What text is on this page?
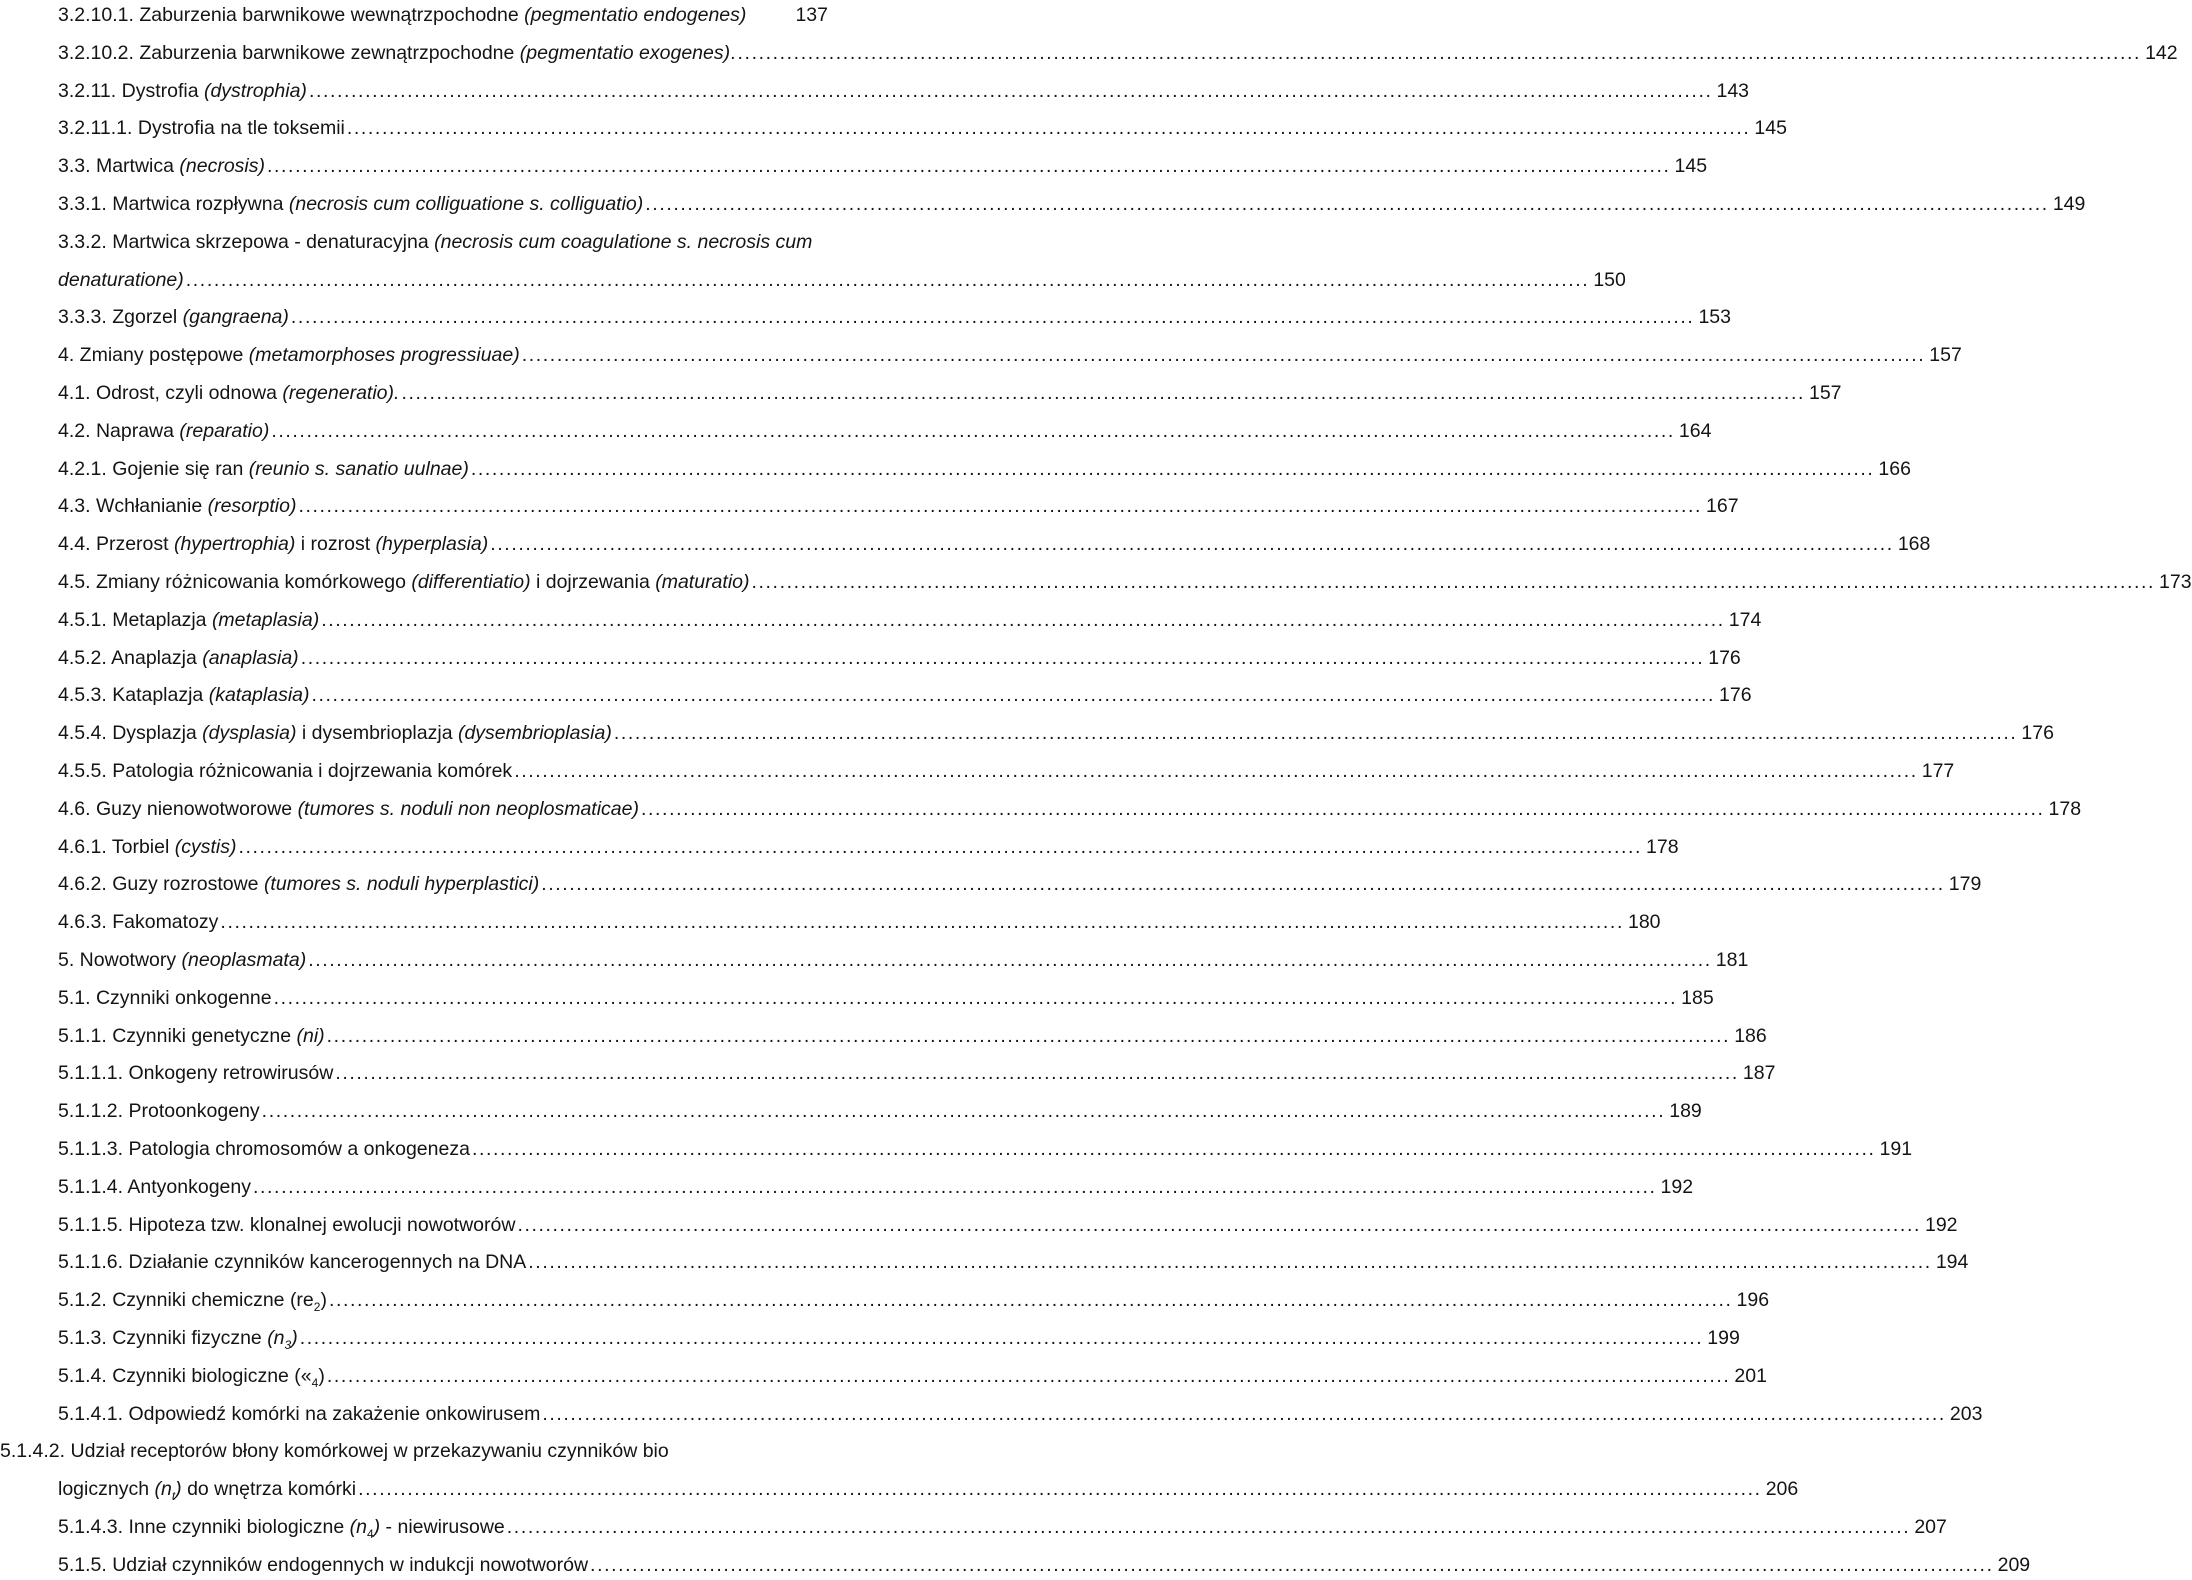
3.2.10.1. Zaburzenia barwnikowe wewnątrzpochodne (pegmentatio endogenes)	137
3.2.10.2. Zaburzenia barwnikowe zewnątrzpochodne (pegmentatio exogenes). ........................................................................................................................................................................................................ 142
3.2.11. Dystrofia (dystrophia) ........................................................................................................................................................................................................ 143
3.2.11.1. Dystrofia na tle toksemii ........................................................................................................................................................................................................ 145
3.3. Martwica (necrosis) ........................................................................................................................................................................................................ 145
3.3.1. Martwica rozpływna (necrosis cum colliguatione s. colliguatio) ........................................................................................................................................................................................................ 149
3.3.2. Martwica skrzepowa - denaturacyjna (necrosis cum coagulatione s. necrosis cum
denaturatione) ........................................................................................................................................................................................................ 150
3.3.3. Zgorzel (gangraena) ........................................................................................................................................................................................................ 153
4. Zmiany postępowe (metamorphoses progressiuae) ........................................................................................................................................................................................................ 157
4.1. Odrost, czyli odnowa (regeneratio). ........................................................................................................................................................................................................ 157
4.2. Naprawa (reparatio) ........................................................................................................................................................................................................ 164
4.2.1. Gojenie się ran (reunio s. sanatio uulnae) ........................................................................................................................................................................................................ 166
4.3. Wchłanianie (resorptio) ........................................................................................................................................................................................................ 167
4.4. Przerost (hypertrophia) i rozrost (hyperplasia) ........................................................................................................................................................................................................ 168
4.5. Zmiany różnicowania komórkowego (differentiatio) i dojrzewania (maturatio) ........................................................................................................................................................................................................ 173
4.5.1. Metaplazja (metaplasia) ........................................................................................................................................................................................................ 174
4.5.2. Anaplazja (anaplasia) ........................................................................................................................................................................................................ 176
4.5.3. Kataplazja (kataplasia) ........................................................................................................................................................................................................ 176
4.5.4. Dysplazja (dysplasia) i dysembrioplazja (dysembrioplasia) ........................................................................................................................................................................................................ 176
4.5.5. Patologia różnicowania i dojrzewania komórek ........................................................................................................................................................................................................ 177
4.6. Guzy nienowotworowe (tumores s. noduli non neoplosmaticae) ........................................................................................................................................................................................................ 178
4.6.1. Torbiel (cystis) ........................................................................................................................................................................................................ 178
4.6.2. Guzy rozrostowe (tumores s. noduli hyperplastici) ........................................................................................................................................................................................................ 179
4.6.3. Fakomatozy ........................................................................................................................................................................................................ 180
5. Nowotwory (neoplasmata) ........................................................................................................................................................................................................ 181
5.1. Czynniki onkogenne ........................................................................................................................................................................................................ 185
5.1.1. Czynniki genetyczne (ni) ........................................................................................................................................................................................................ 186
5.1.1.1. Onkogeny retrowirusów ........................................................................................................................................................................................................ 187
5.1.1.2. Protoonkogeny ........................................................................................................................................................................................................ 189
5.1.1.3. Patologia chromosomów a onkogeneza ........................................................................................................................................................................................................ 191
5.1.1.4. Antyonkogeny ........................................................................................................................................................................................................ 192
5.1.1.5. Hipoteza tzw. klonalnej ewolucji nowotworów ........................................................................................................................................................................................................ 192
5.1.1.6. Działanie czynników kancerogennych na DNA ........................................................................................................................................................................................................ 194
5.1.2. Czynniki chemiczne $(re_2)$ ........................................................................................................................................................................................................ 196
5.1.3. Czynniki fizyczne $(n_3)$ ........................................................................................................................................................................................................ 199
5.1.4. Czynniki biologiczne $(«_4)$ ........................................................................................................................................................................................................ 201
5.1.4.1. Odpowiedź komórki na zakażenie onkowirusem ........................................................................................................................................................................................................ 203
5.1.4.2. Udział receptorów błony komórkowej w przekazywaniu czynników bio
logicznych $(n_t)$ do wnętrza komórki ........................................................................................................................................................................................................ 206
5.1.4.3. Inne czynniki biologiczne $(n_4)$ - niewirusowe ........................................................................................................................................................................................................ 207
5.1.5. Udział czynników endogennych w indukcji nowotworów ........................................................................................................................................................................................................ 209
